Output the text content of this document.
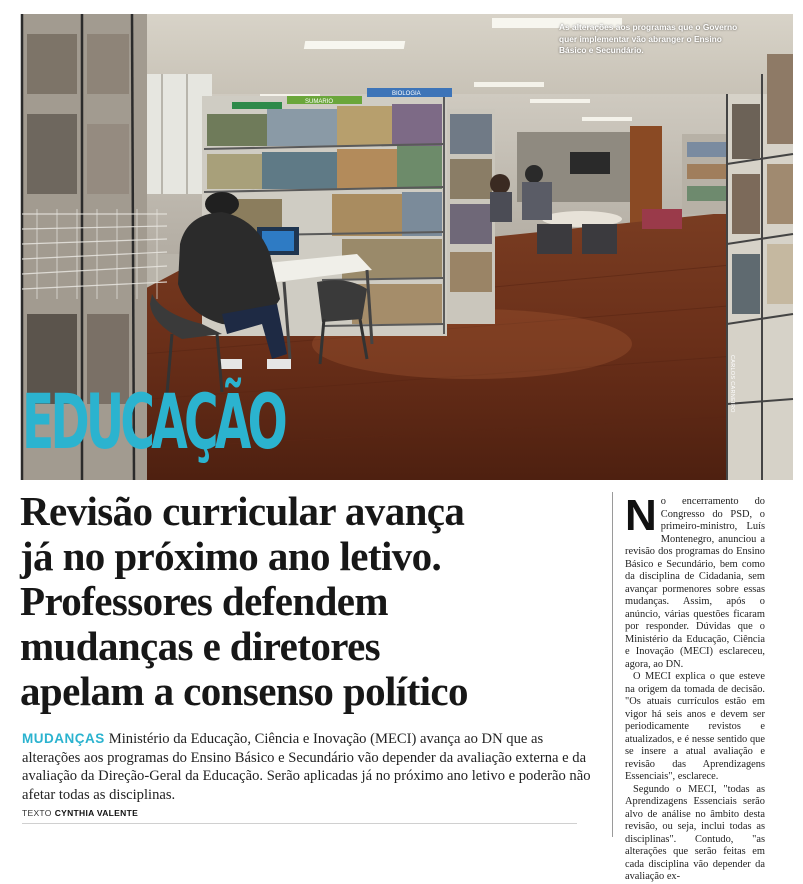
SUMARIO
BIOLOGIA
As alterações aos programas que o Governo quer implementar vão abranger o Ensino Básico e Secundário.
CARLOS CARNEIRO
EDUCAÇÃO
Revisão curricular avança
já no próximo ano letivo.
Professores defendem
mudanças e diretores
apelam a consenso político
MUDANÇAS Ministério da Educação, Ciência e Inovação (MECI) avança ao DN que as alterações aos programas do Ensino Básico e Secundário vão depender da avaliação externa e da avaliação da Direção-Geral da Educação. Serão aplicadas já no próximo ano letivo e poderão não afetar todas as disciplinas.
TEXTO CYNTHIA VALENTE

No encerramento do Congresso do PSD, o primeiro-ministro, Luís Montenegro, anunciou a revisão dos programas do Ensino Básico e Secundário, bem como da disciplina de Cidadania, sem avançar pormenores sobre essas mudanças. Assim, após o anúncio, várias questões ficaram por responder. Dúvidas que o Ministério da Educação, Ciência e Inovação (MECI) esclareceu, agora, ao DN.

O MECI explica o que esteve na origem da tomada de decisão. "Os atuais currículos estão em vigor há seis anos e devem ser periodicamente revistos e atualizados, e é nesse sentido que se insere a atual avaliação e revisão das Aprendizagens Essenciais", esclarece.

Segundo o MECI, "todas as Aprendizagens Essenciais serão alvo de análise no âmbito desta revisão, ou seja, inclui todas as disciplinas". Contudo, "as alterações que serão feitas em cada disciplina vão depender da avaliação ex-
